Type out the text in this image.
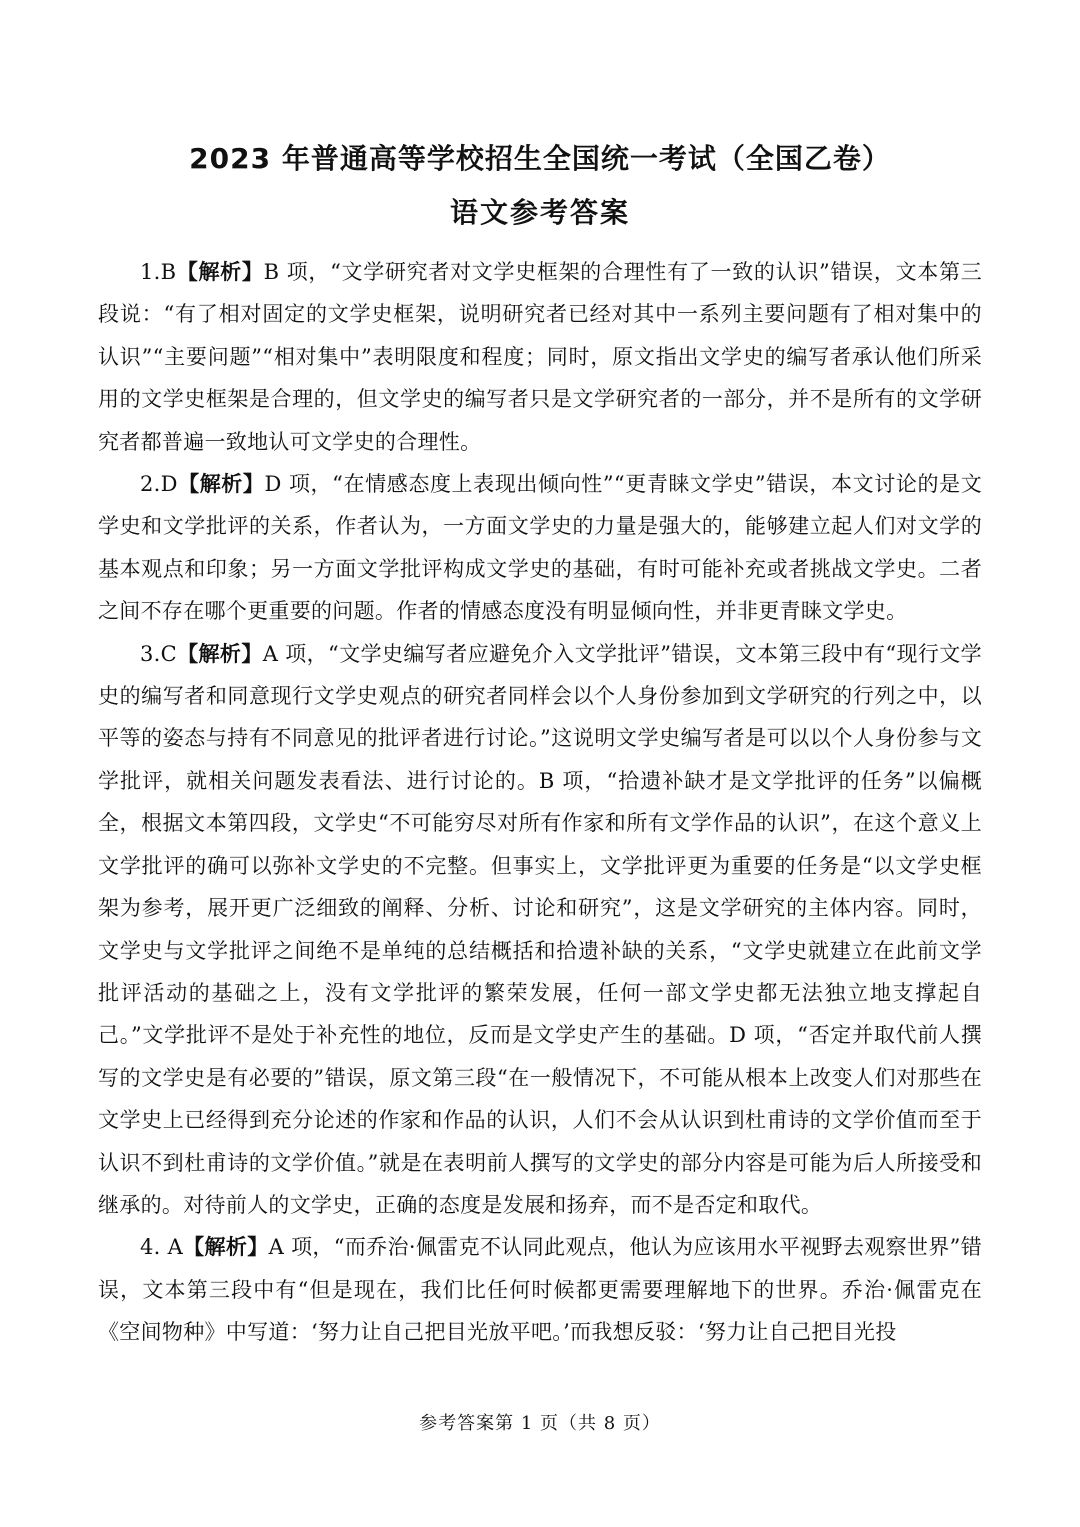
2023 年普通高等学校招生全国统一考试（全国乙卷）
语文参考答案

1.B【解析】B 项，“文学研究者对文学史框架的合理性有了一致的认识”错误，文本第三段说：“有了相对固定的文学史框架，说明研究者已经对其中一系列主要问题有了相对集中的认识”“主要问题”“相对集中”表明限度和程度；同时，原文指出文学史的编写者承认他们所采用的文学史框架是合理的，但文学史的编写者只是文学研究者的一部分，并不是所有的文学研究者都普遍一致地认可文学史的合理性。

2.D【解析】D 项，“在情感态度上表现出倾向性”“更青睐文学史”错误，本文讨论的是文学史和文学批评的关系，作者认为，一方面文学史的力量是强大的，能够建立起人们对文学的基本观点和印象；另一方面文学批评构成文学史的基础，有时可能补充或者挑战文学史。二者之间不存在哪个更重要的问题。作者的情感态度没有明显倾向性，并非更青睐文学史。

3.C【解析】A 项，“文学史编写者应避免介入文学批评”错误，文本第三段中有“现行文学史的编写者和同意现行文学史观点的研究者同样会以个人身份参加到文学研究的行列之中，以平等的姿态与持有不同意见的批评者进行讨论。”这说明文学史编写者是可以以个人身份参与文学批评，就相关问题发表看法、进行讨论的。B 项，“拾遗补缺才是文学批评的任务”以偏概全，根据文本第四段，文学史“不可能穷尽对所有作家和所有文学作品的认识”，在这个意义上文学批评的确可以弥补文学史的不完整。但事实上，文学批评更为重要的任务是“以文学史框架为参考，展开更广泛细致的阐释、分析、讨论和研究”，这是文学研究的主体内容。同时，文学史与文学批评之间绝不是单纯的总结概括和拾遗补缺的关系，“文学史就建立在此前文学批评活动的基础之上，没有文学批评的繁荣发展，任何一部文学史都无法独立地支撑起自己。”文学批评不是处于补充性的地位，反而是文学史产生的基础。D 项，“否定并取代前人撰写的文学史是有必要的”错误，原文第三段“在一般情况下，不可能从根本上改变人们对那些在文学史上已经得到充分论述的作家和作品的认识，人们不会从认识到杜甫诗的文学价值而至于认识不到杜甫诗的文学价值。”就是在表明前人撰写的文学史的部分内容是可能为后人所接受和继承的。对待前人的文学史，正确的态度是发展和扬弃，而不是否定和取代。

4. A【解析】A 项，“而乔治·佩雷克不认同此观点，他认为应该用水平视野去观察世界”错误，文本第三段中有“但是现在，我们比任何时候都更需要理解地下的世界。乔治·佩雷克在《空间物种》中写道：‘努力让自己把目光放平吧。’而我想反驳：‘努力让自己把目光投

参考答案第 1 页（共 8 页）
